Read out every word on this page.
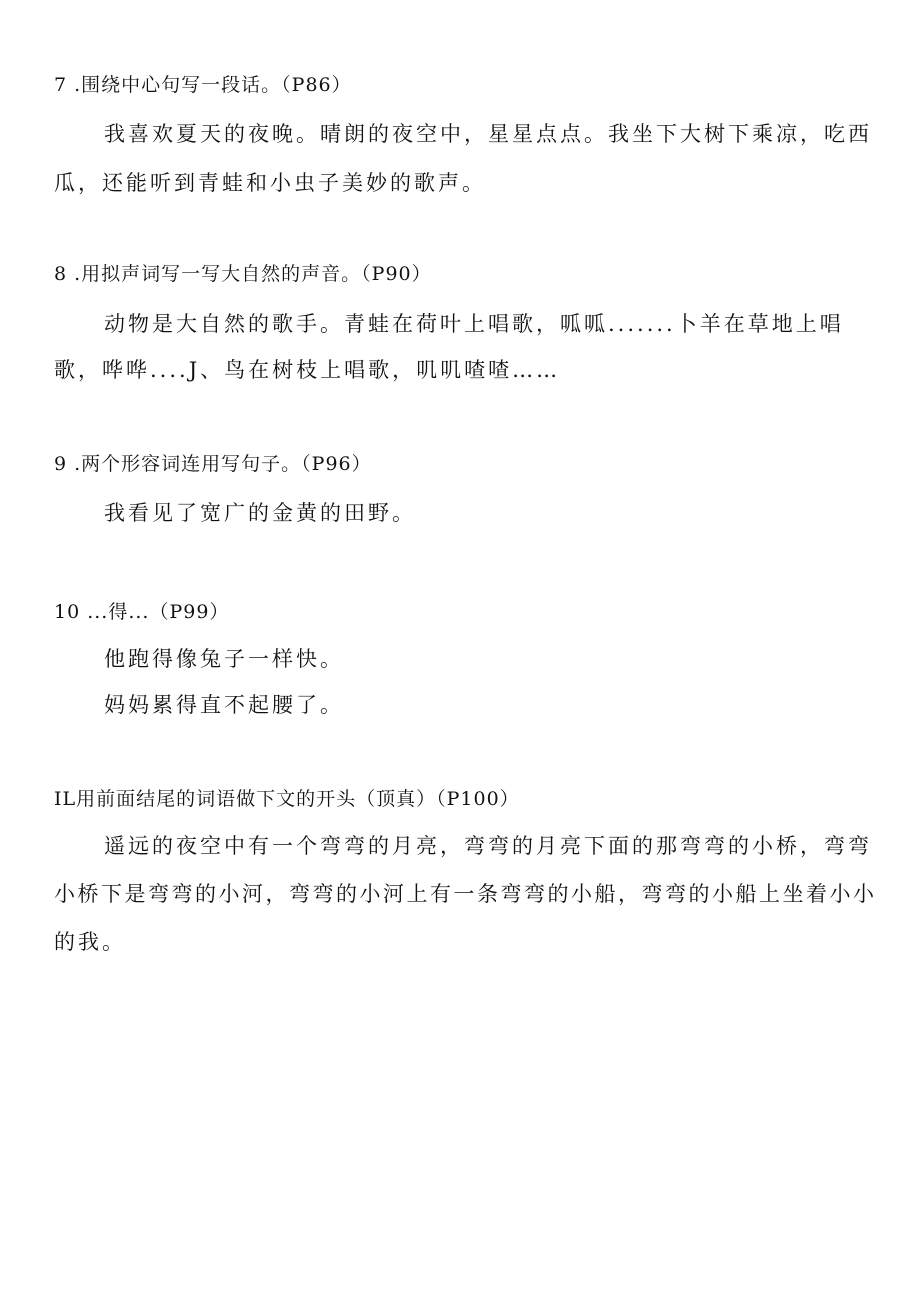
7 .围绕中心句写一段话。（P86）
我喜欢夏天的夜晚。晴朗的夜空中，星星点点。我坐下大树下乘凉，吃西
瓜，还能听到青蛙和小虫子美妙的歌声。
8 .用拟声词写一写大自然的声音。（P90）
动物是大自然的歌手。青蛙在荷叶上唱歌，呱呱.......卜羊在草地上唱
歌，哗哗....J、鸟在树枝上唱歌，叽叽喳喳……
9 .两个形容词连用写句子。（P96）
我看见了宽广的金黄的田野。
10 ...得...（P99）
他跑得像兔子一样快。
妈妈累得直不起腰了。
IL用前面结尾的词语做下文的开头（顶真）（P100）
遥远的夜空中有一个弯弯的月亮，弯弯的月亮下面的那弯弯的小桥，弯弯
小桥下是弯弯的小河，弯弯的小河上有一条弯弯的小船，弯弯的小船上坐着小小
的我。
